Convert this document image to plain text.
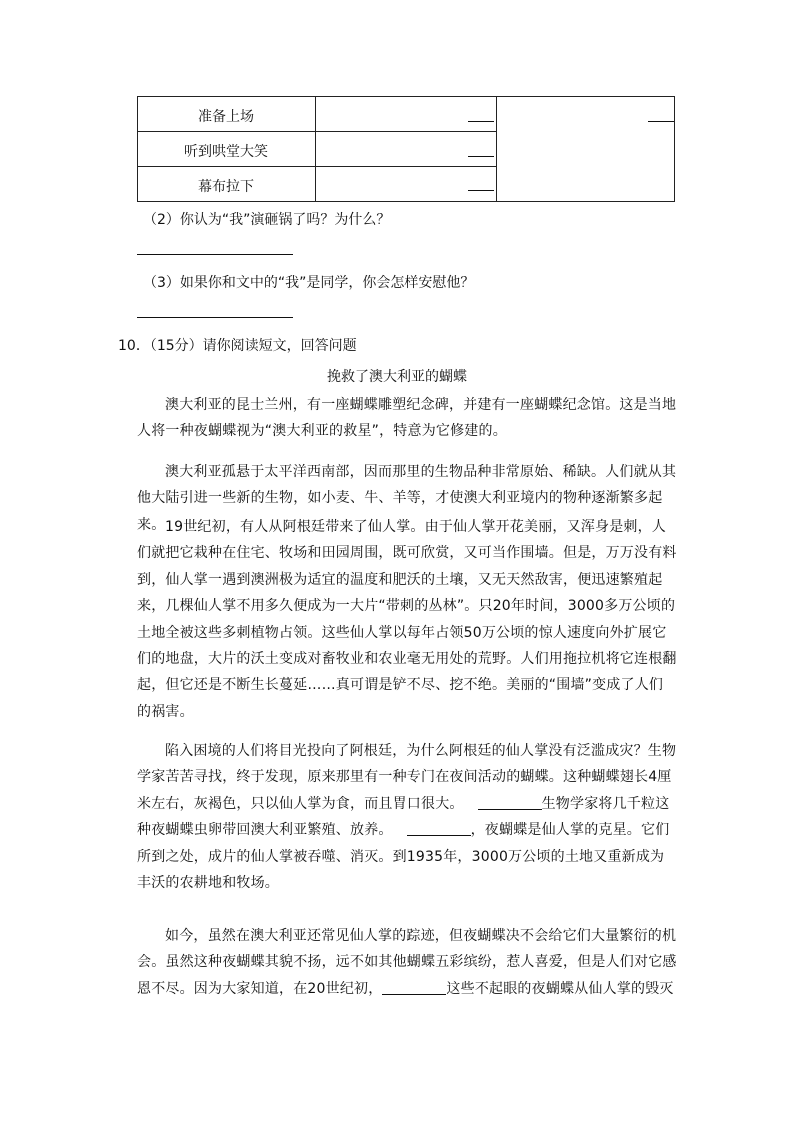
准备上场
听到哄堂大笑
幕布拉下
（2）你认为“我”演砸锅了吗？为什么？
（3）如果你和文中的“我”是同学，你会怎样安慰他？
10．（15分）请你阅读短文，回答问题
挽救了澳大利亚的蝴蝶
澳大利亚的昆士兰州，有一座蝴蝶雕塑纪念碑，并建有一座蝴蝶纪念馆。这是当地人将一种夜蝴蝶视为“澳大利亚的救星”，特意为它修建的。
澳大利亚孤悬于太平洋西南部，因而那里的生物品种非常原始、稀缺。人们就从其他大陆引进一些新的生物，如小麦、牛、羊等，才使澳大利亚境内的物种逐渐繁多起来。 19世纪初，有人从阿根廷带来了仙人掌。由于仙人掌开花美丽，又浑身是刺，人们就把它栽种在住宅、牧场和田园周围，既可欣赏，又可当作围墙。但是，万万没有料到，仙人掌一遇到澳洲极为适宜的温度和肥沃的土壤，又无天然敌害，便迅速繁殖起来，几棵仙人掌不用多久便成为一大片“带刺的丛林”。只20年时间，3000多万公顷的土地全被这些多刺植物占领。这些仙人掌以每年占领50万公顷的惊人速度向外扩展它们的地盘，大片的沃土变成对畜牧业和农业毫无用处的荒野。人们用拖拉机将它连根翻起，但它还是不断生长蔓延……真可谓是铲不尽、挖不绝。美丽的“围墙”变成了人们的祸害。
陷入困境的人们将目光投向了阿根廷，为什么阿根廷的仙人掌没有泛滥成灾？生物学家苦苦寻找，终于发现，原来那里有一种专门在夜间活动的蝴蝶。这种蝴蝶翅长4厘米左右，灰褐色，只以仙人掌为食，而且胃口很大。	生物学家将几千粒这种夜蝴蝶虫卵带回澳大利亚繁殖、放养。	，夜蝴蝶是仙人掌的克星。它们所到之处，成片的仙人掌被吞噬、消灭。到1935年，3000万公顷的土地又重新成为丰沃的农耕地和牧场。
如今，虽然在澳大利亚还常见仙人掌的踪迹，但夜蝴蝶决不会给它们大量繁衍的机会。虽然这种夜蝴蝶其貌不扬，远不如其他蝴蝶五彩缤纷，惹人喜爱，但是人们对它感恩不尽。因为大家知道，在20世纪初，	这些不起眼的夜蝴蝶从仙人掌的毁灭
